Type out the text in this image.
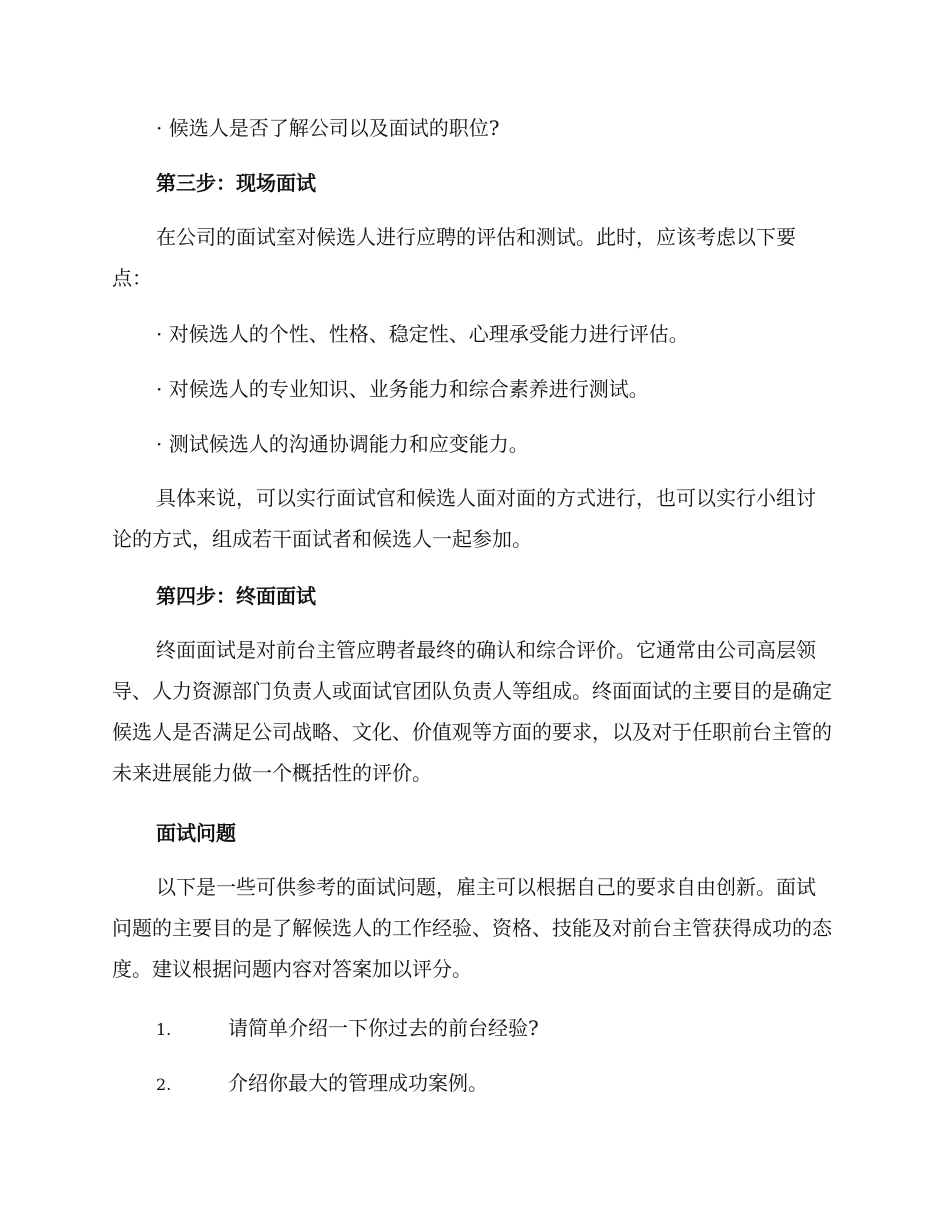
· 候选人是否了解公司以及面试的职位?
第三步：现场面试

在公司的面试室对候选人进行应聘的评估和测试。此时，应该考虑以下要点：

· 对候选人的个性、性格、稳定性、心理承受能力进行评估。
· 对候选人的专业知识、业务能力和综合素养进行测试。
· 测试候选人的沟通协调能力和应变能力。

具体来说，可以实行面试官和候选人面对面的方式进行，也可以实行小组讨论的方式，组成若干面试者和候选人一起参加。

第四步：终面面试

终面面试是对前台主管应聘者最终的确认和综合评价。它通常由公司高层领导、人力资源部门负责人或面试官团队负责人等组成。终面面试的主要目的是确定候选人是否满足公司战略、文化、价值观等方面的要求，以及对于任职前台主管的未来进展能力做一个概括性的评价。

面试问题

以下是一些可供参考的面试问题，雇主可以根据自己的要求自由创新。面试问题的主要目的是了解候选人的工作经验、资格、技能及对前台主管获得成功的态度。建议根据问题内容对答案加以评分。

1.	请简单介绍一下你过去的前台经验?
2.	介绍你最大的管理成功案例。
